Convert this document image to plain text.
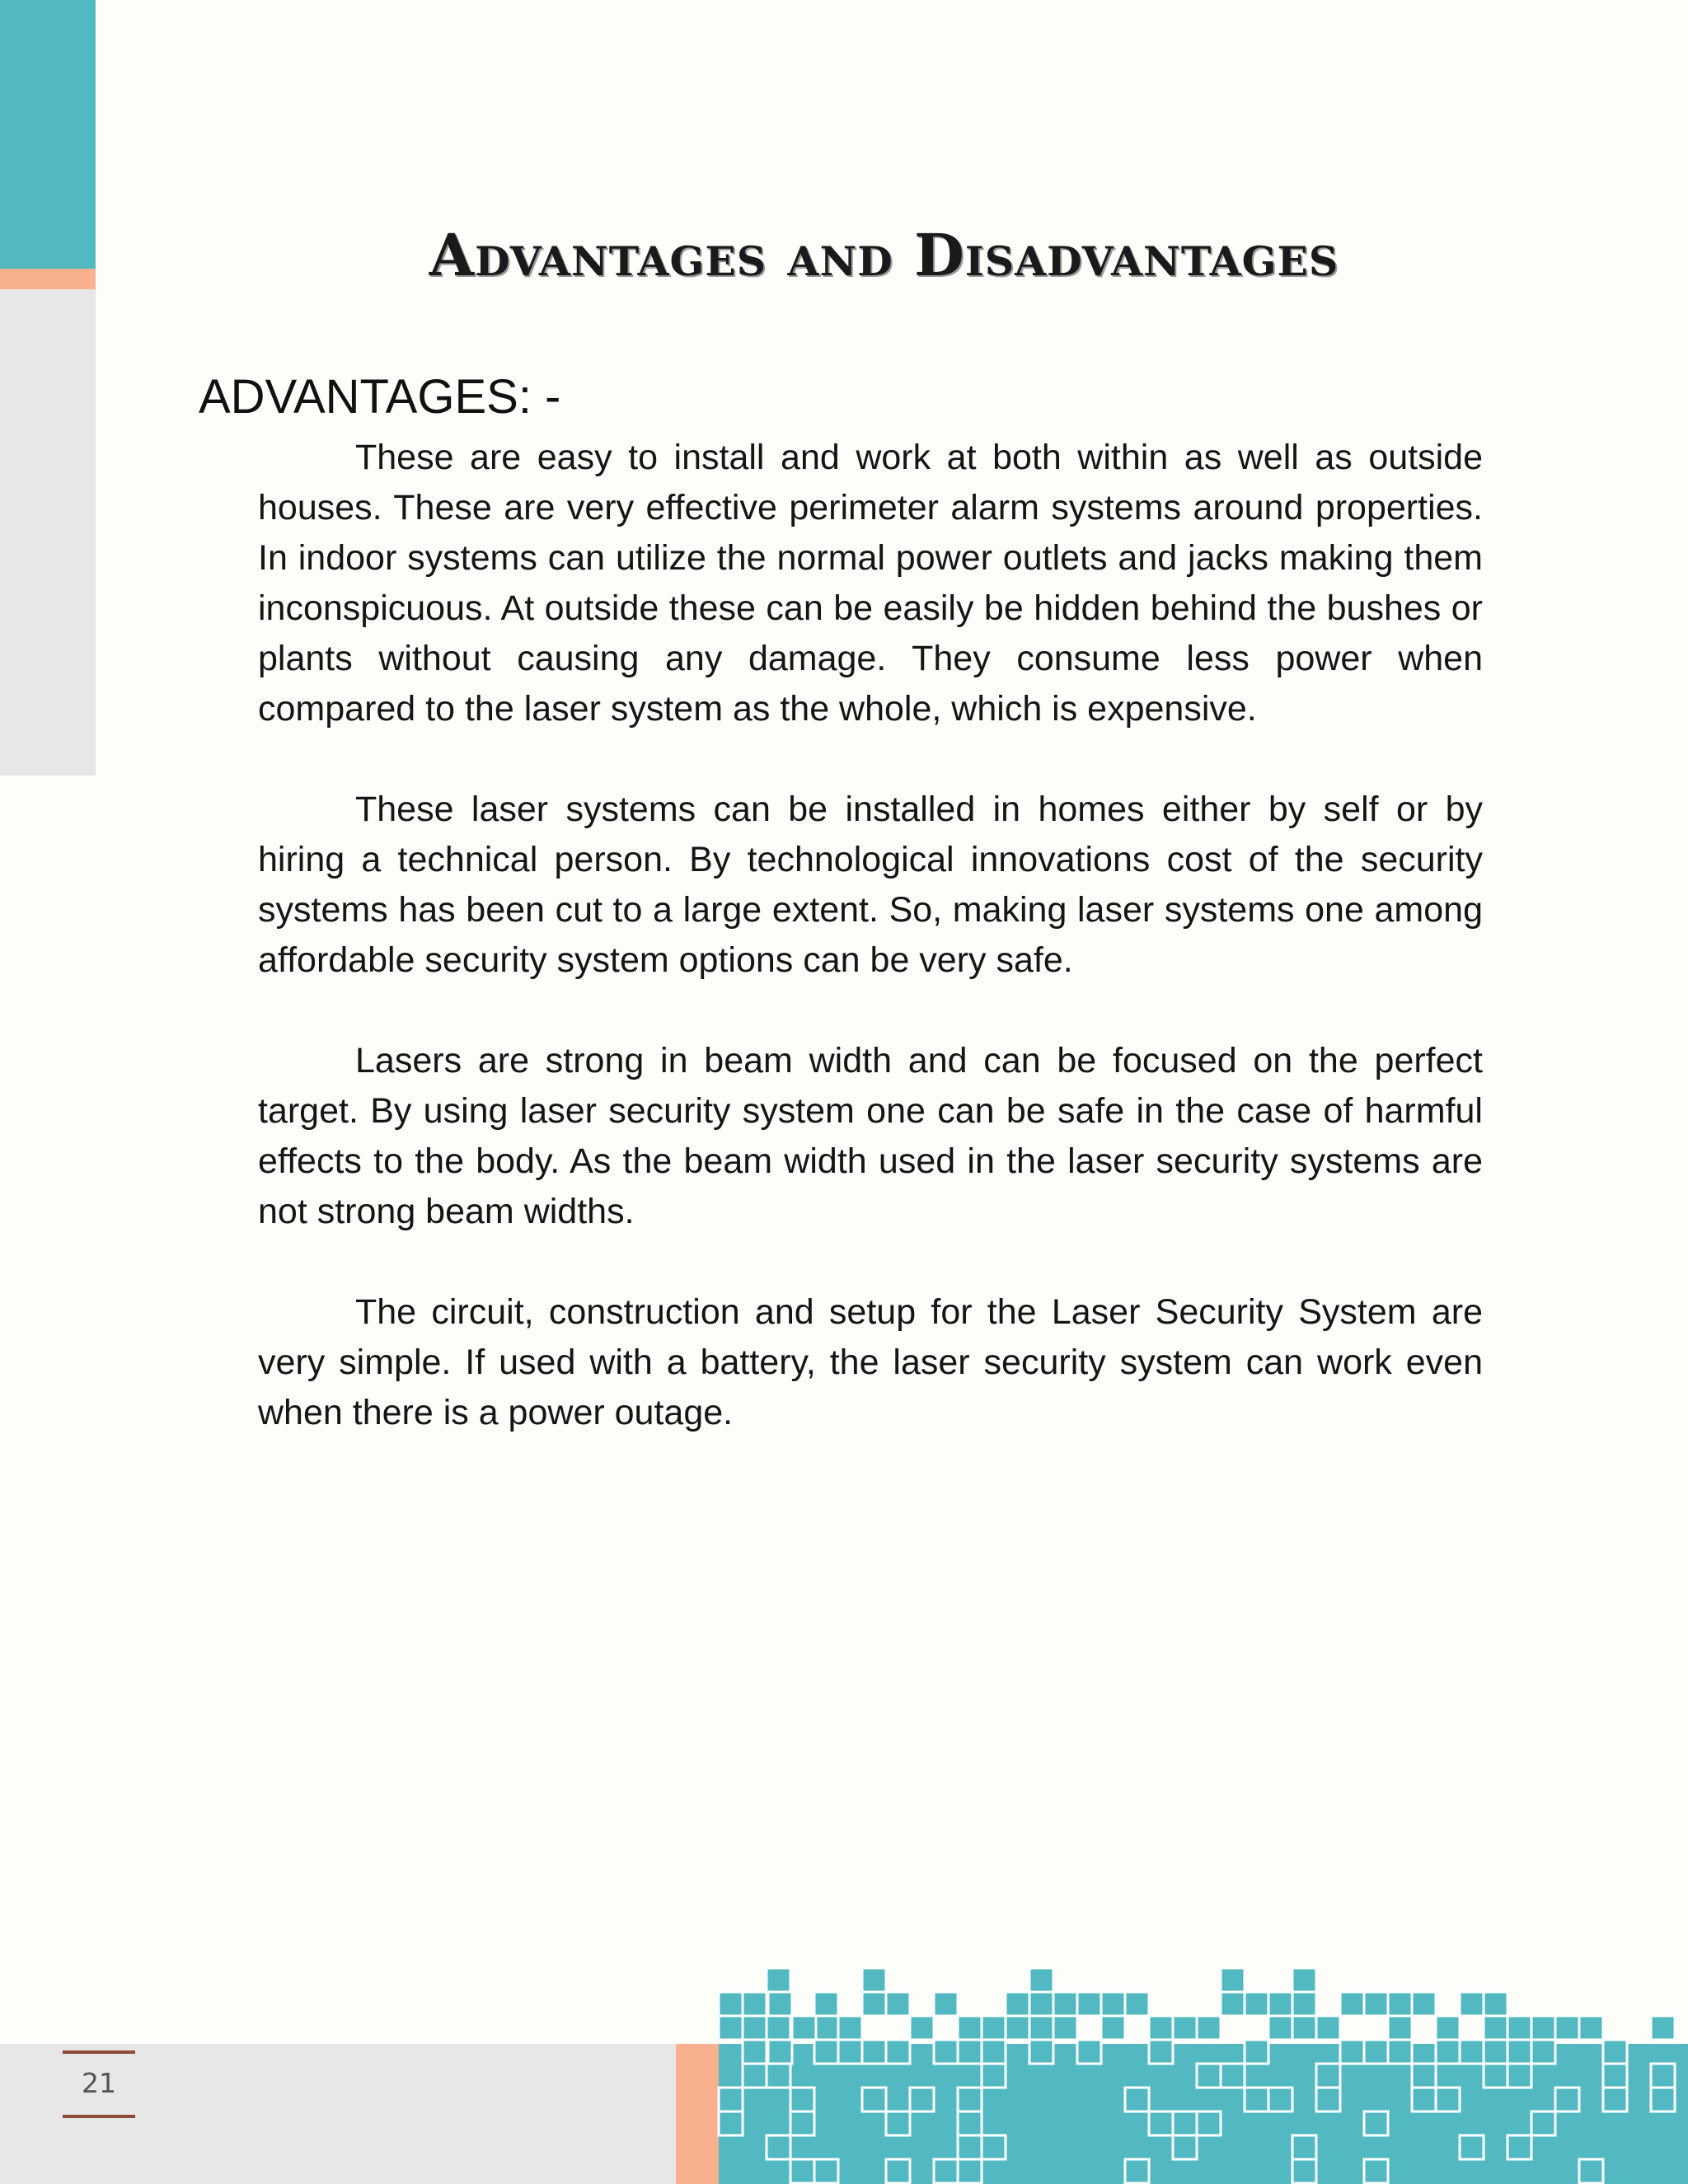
Advantages and Disadvantages
ADVANTAGES: -

These are easy to install and work at both within as well as outside houses. These are very effective perimeter alarm systems around properties. In indoor systems can utilize the normal power outlets and jacks making them inconspicuous. At outside these can be easily be hidden behind the bushes or plants without causing any damage. They consume less power when compared to the laser system as the whole, which is expensive.

These laser systems can be installed in homes either by self or by hiring a technical person. By technological innovations cost of the security systems has been cut to a large extent. So, making laser systems one among affordable security system options can be very safe.

Lasers are strong in beam width and can be focused on the perfect target. By using laser security system one can be safe in the case of harmful effects to the body. As the beam width used in the laser security systems are not strong beam widths.

The circuit, construction and setup for the Laser Security System are very simple. If used with a battery, the laser security system can work even when there is a power outage.

21
